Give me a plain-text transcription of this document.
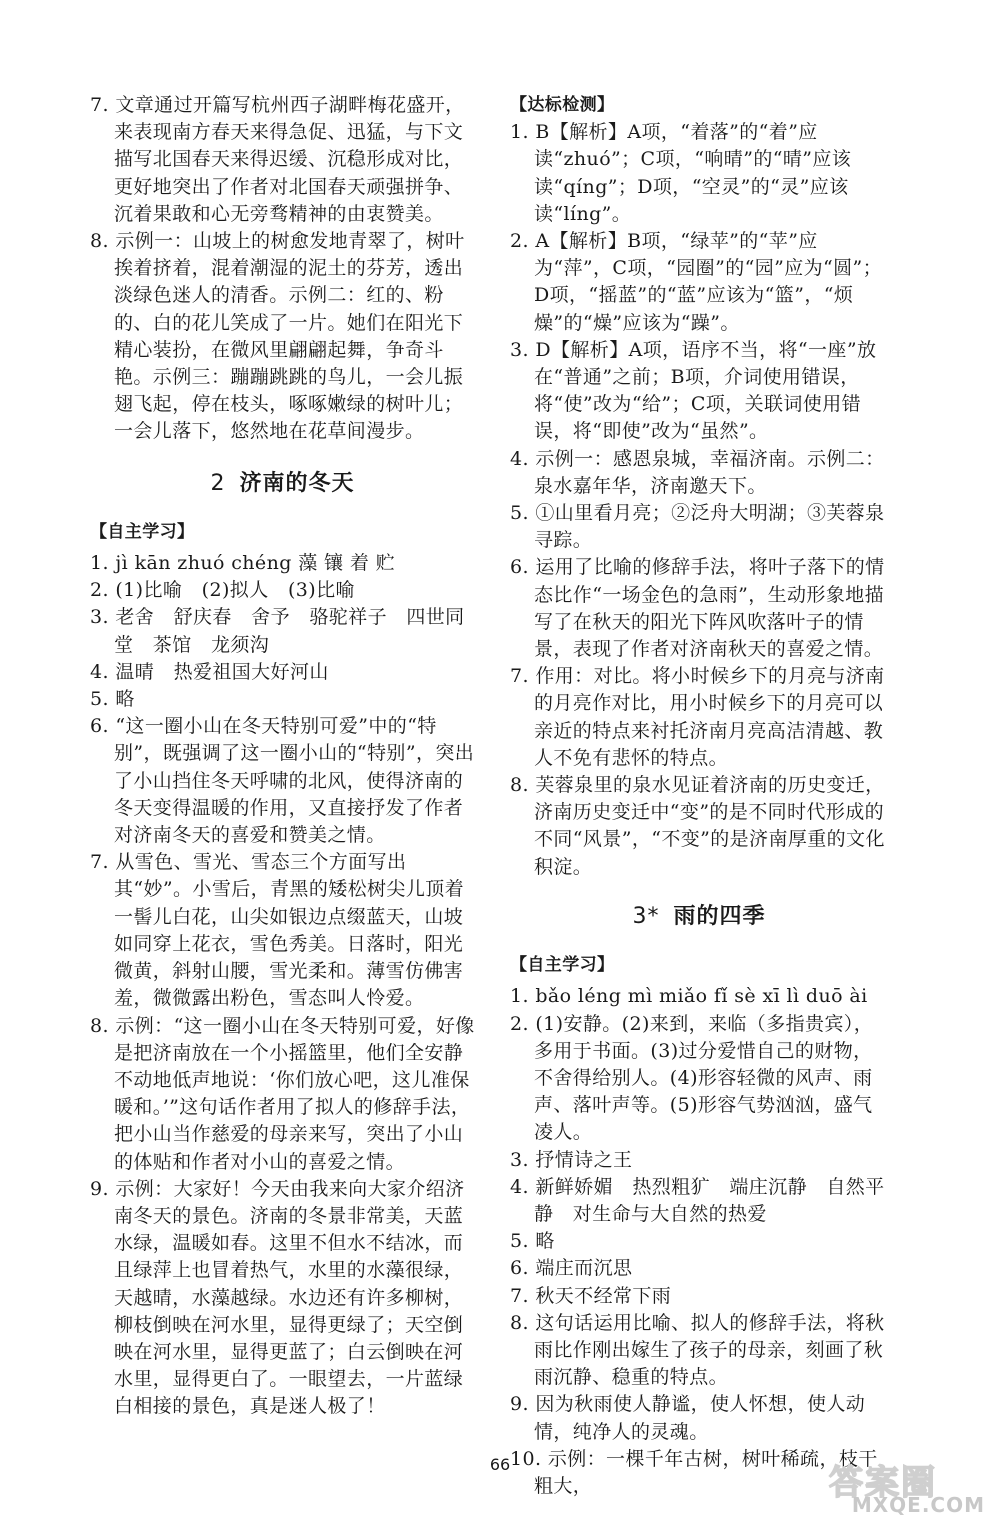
7. 文章通过开篇写杭州西子湖畔梅花盛开，来表现南方春天来得急促、迅猛，与下文描写北国春天来得迟缓、沉稳形成对比，更好地突出了作者对北国春天顽强拼争、沉着果敢和心无旁骛精神的由衷赞美。

8. 示例一：山坡上的树愈发地青翠了，树叶挨着挤着，混着潮湿的泥土的芬芳，透出淡绿色迷人的清香。示例二：红的、粉的、白的花儿笑成了一片。她们在阳光下精心装扮，在微风里翩翩起舞，争奇斗艳。示例三：蹦蹦跳跳的鸟儿，一会儿振翅飞起，停在枝头，啄啄嫩绿的树叶儿；一会儿落下，悠然地在花草间漫步。

2 济南的冬天

【自主学习】

1. jì kān zhuó chéng 藻 镶 着 贮

2. (1)比喻　(2)拟人　(3)比喻

3. 老舍　舒庆春　舍予　骆驼祥子　四世同堂　茶馆　龙须沟

4. 温晴　热爱祖国大好河山

5. 略

6. “这一圈小山在冬天特别可爱”中的“特别”，既强调了这一圈小山的“特别”，突出了小山挡住冬天呼啸的北风，使得济南的冬天变得温暖的作用，又直接抒发了作者对济南冬天的喜爱和赞美之情。

7. 从雪色、雪光、雪态三个方面写出其“妙”。小雪后，青黑的矮松树尖儿顶着一髻儿白花，山尖如银边点缀蓝天，山坡如同穿上花衣，雪色秀美。日落时，阳光微黄，斜射山腰，雪光柔和。薄雪仿佛害羞，微微露出粉色，雪态叫人怜爱。

8. 示例：“这一圈小山在冬天特别可爱，好像是把济南放在一个小摇篮里，他们全安静不动地低声地说：‘你们放心吧，这儿准保暖和。’”这句话作者用了拟人的修辞手法，把小山当作慈爱的母亲来写，突出了小山的体贴和作者对小山的喜爱之情。

9. 示例：大家好！今天由我来向大家介绍济南冬天的景色。济南的冬景非常美，天蓝水绿，温暖如春。这里不但水不结冰，而且绿萍上也冒着热气，水里的水藻很绿，天越晴，水藻越绿。水边还有许多柳树，柳枝倒映在河水里，显得更绿了；天空倒映在河水里，显得更蓝了；白云倒映在河水里，显得更白了。一眼望去，一片蓝绿白相接的景色，真是迷人极了！

【达标检测】

1. B【解析】A项，“着落”的“着”应读“zhuó”；C项，“响晴”的“晴”应该读“qíng”；D项，“空灵”的“灵”应该读“líng”。

2. A【解析】B项，“绿苹”的“苹”应为“萍”，C项，“园圈”的“园”应为“圆”；D项，“摇蓝”的“蓝”应该为“篮”，“烦燥”的“燥”应该为“躁”。

3. D【解析】A项，语序不当，将“一座”放在“普通”之前；B项，介词使用错误，将“使”改为“给”；C项，关联词使用错误，将“即使”改为“虽然”。

4. 示例一：感恩泉城，幸福济南。示例二：泉水嘉年华，济南邀天下。

5. ①山里看月亮；②泛舟大明湖；③芙蓉泉寻踪。

6. 运用了比喻的修辞手法，将叶子落下的情态比作“一场金色的急雨”，生动形象地描写了在秋天的阳光下阵风吹落叶子的情景，表现了作者对济南秋天的喜爱之情。

7. 作用：对比。将小时候乡下的月亮与济南的月亮作对比，用小时候乡下的月亮可以亲近的特点来衬托济南月亮高洁清越、教人不免有悲怀的特点。

8. 芙蓉泉里的泉水见证着济南的历史变迁，济南历史变迁中“变”的是不同时代形成的不同“风景”，“不变”的是济南厚重的文化积淀。

3* 雨的四季

【自主学习】

1. bǎo léng mì miǎo fǐ sè xī lì duō ài

2. (1)安静。(2)来到，来临（多指贵宾），多用于书面。(3)过分爱惜自己的财物，不舍得给别人。(4)形容轻微的风声、雨声、落叶声等。(5)形容气势汹汹，盛气凌人。

3. 抒情诗之王

4. 新鲜娇媚　热烈粗犷　端庄沉静　自然平静　对生命与大自然的热爱

5. 略

6. 端庄而沉思

7. 秋天不经常下雨

8. 这句话运用比喻、拟人的修辞手法，将秋雨比作刚出嫁生了孩子的母亲，刻画了秋雨沉静、稳重的特点。

9. 因为秋雨使人静谧，使人怀想，使人动情，纯净人的灵魂。

10. 示例：一棵千年古树，树叶稀疏，枝干粗大，

66	答案圈
MXQE.COM
